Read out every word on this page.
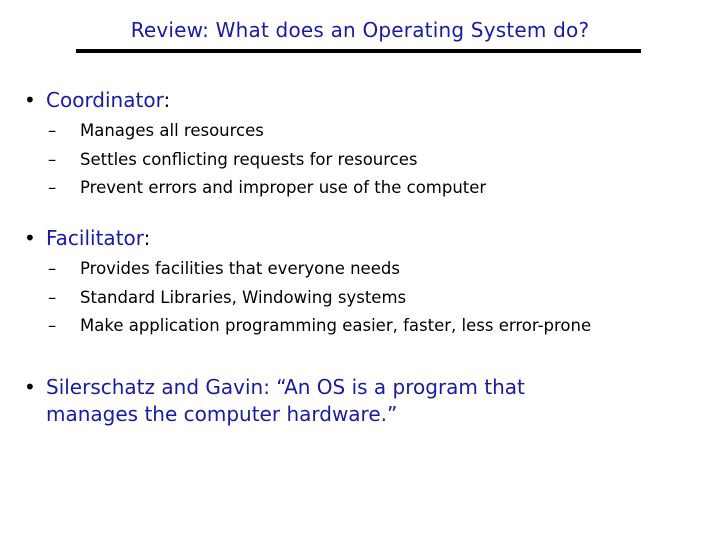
Review: What does an Operating System do?
• Coordinator:
– Manages all resources
– Settles conflicting requests for resources
– Prevent errors and improper use of the computer
• Facilitator:
– Provides facilities that everyone needs
– Standard Libraries, Windowing systems
– Make application programming easier, faster, less error-prone
• Silerschatz and Gavin: “An OS is a program that
manages the computer hardware.”
